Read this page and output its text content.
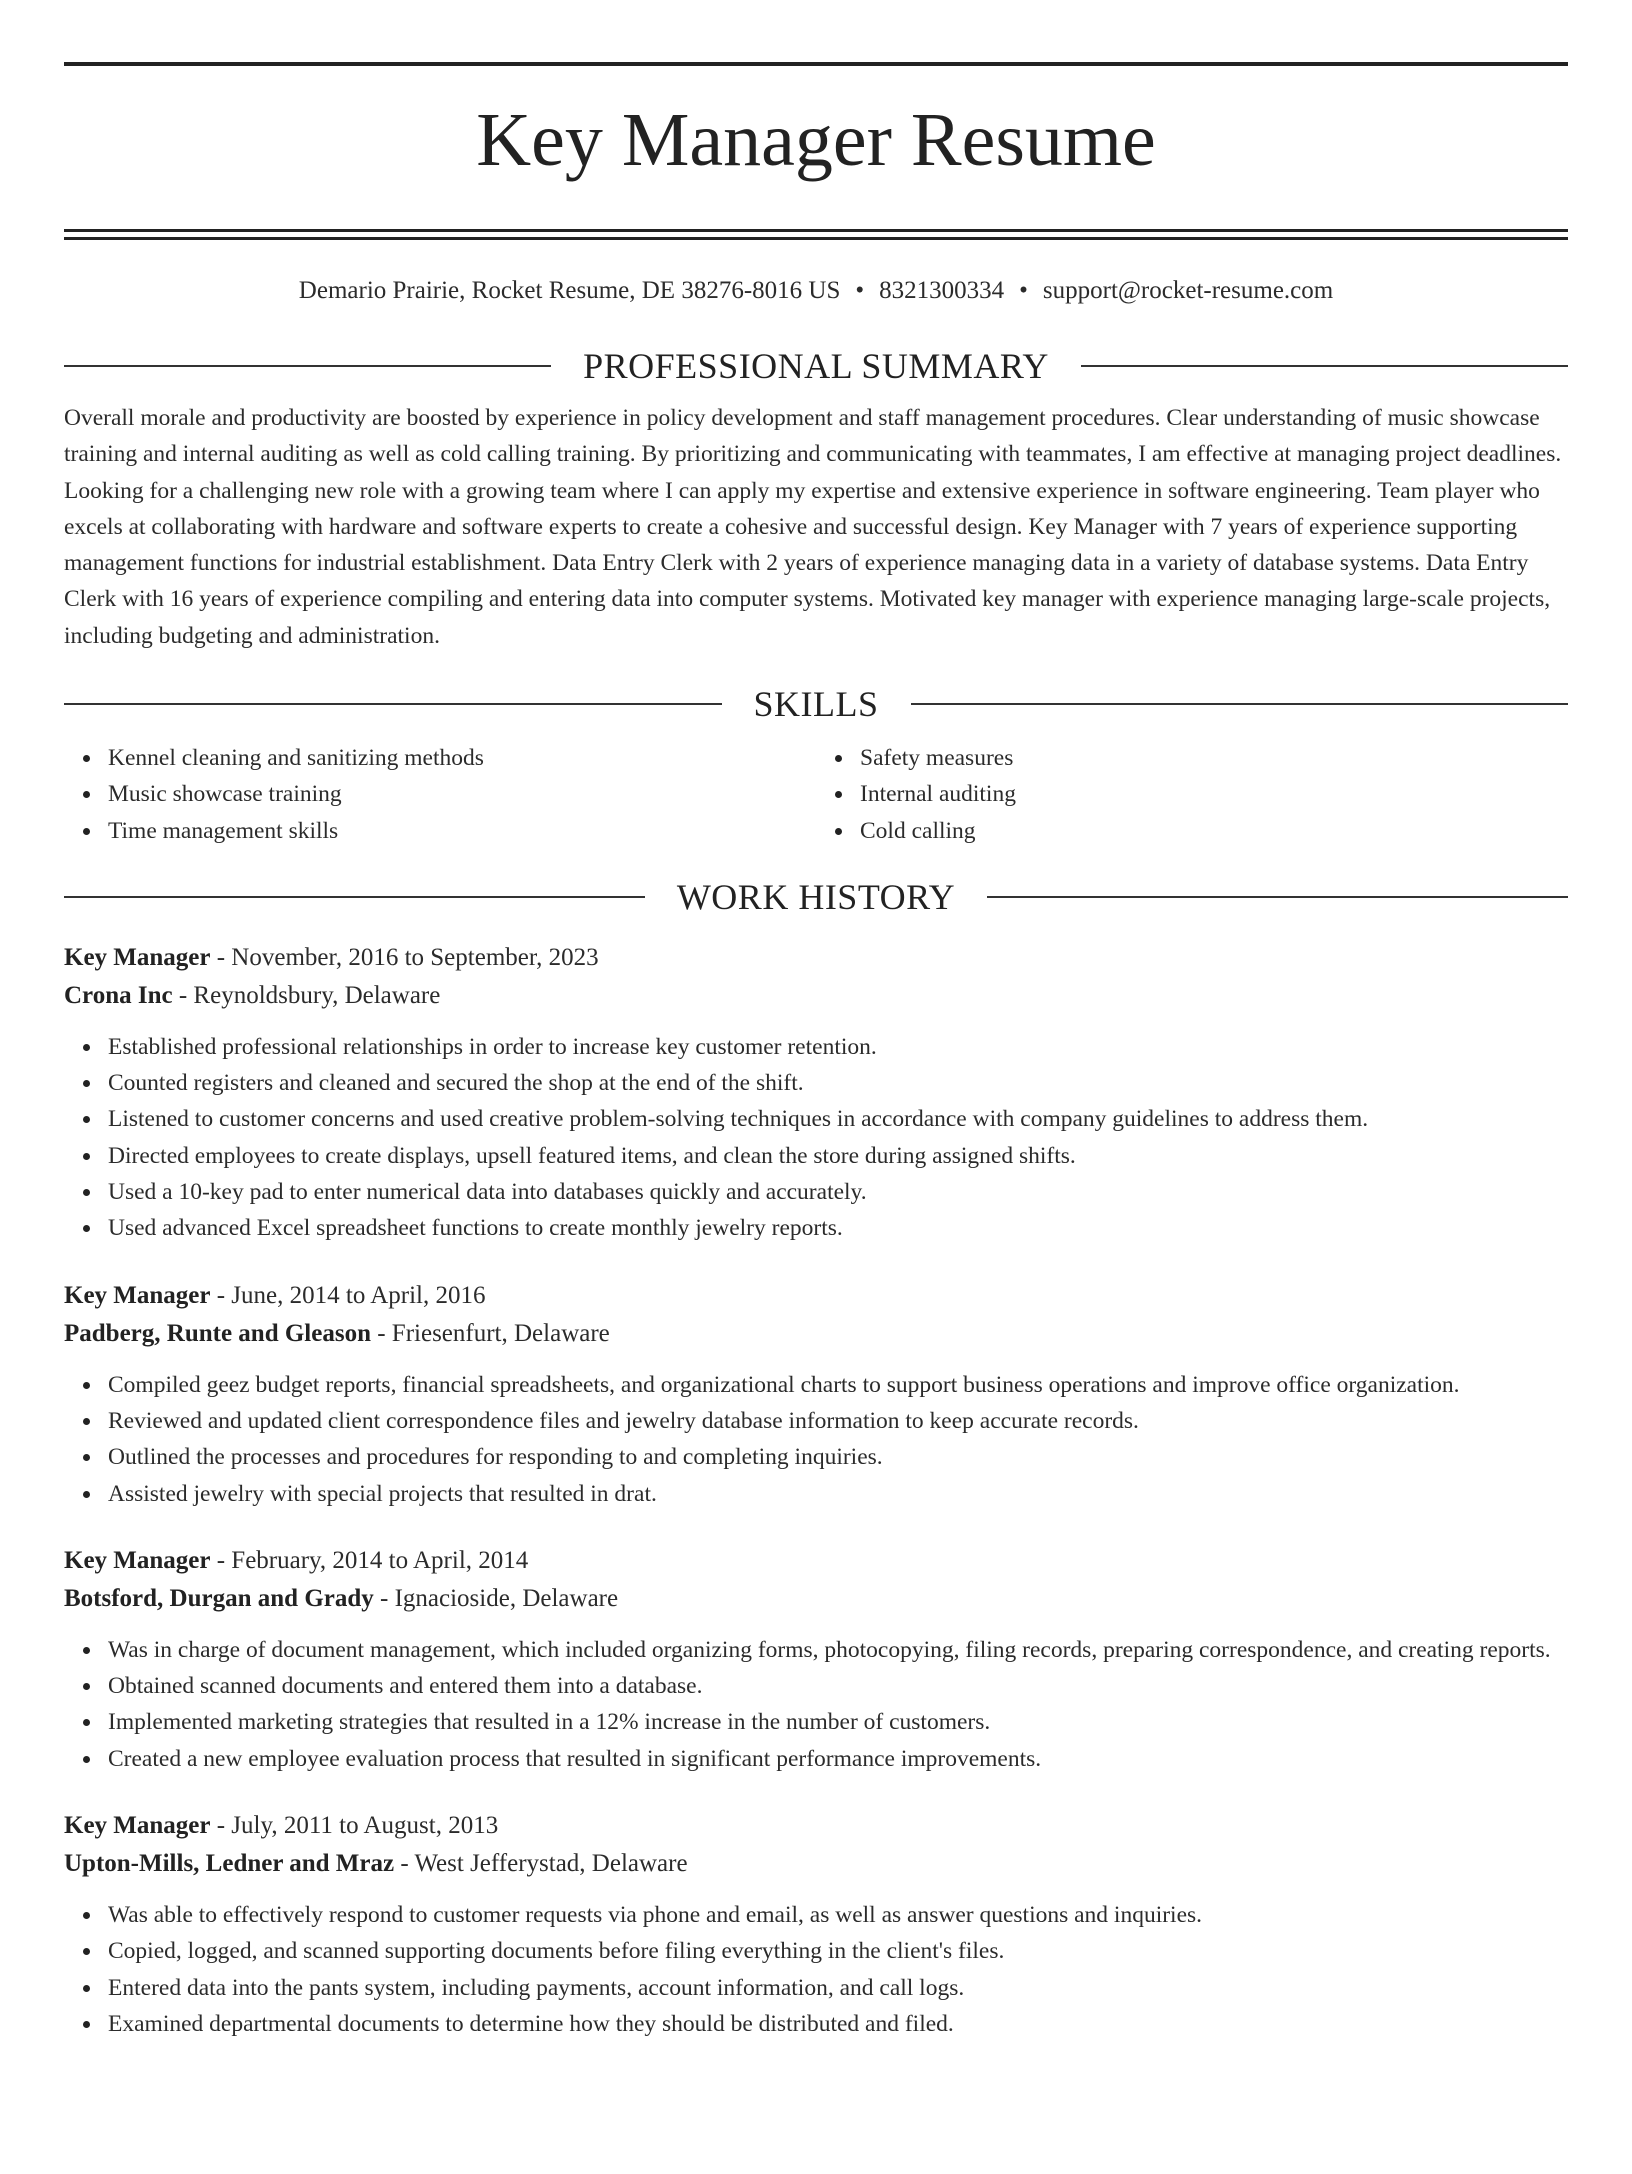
Key Manager Resume
Demario Prairie, Rocket Resume, DE 38276-8016 US • 8321300334 • support@rocket-resume.com
PROFESSIONAL SUMMARY

Overall morale and productivity are boosted by experience in policy development and staff management procedures. Clear understanding of music showcase training and internal auditing as well as cold calling training. By prioritizing and communicating with teammates, I am effective at managing project deadlines. Looking for a challenging new role with a growing team where I can apply my expertise and extensive experience in software engineering. Team player who excels at collaborating with hardware and software experts to create a cohesive and successful design. Key Manager with 7 years of experience supporting management functions for industrial establishment. Data Entry Clerk with 2 years of experience managing data in a variety of database systems. Data Entry Clerk with 16 years of experience compiling and entering data into computer systems. Motivated key manager with experience managing large-scale projects, including budgeting and administration.

SKILLS
Kennel cleaning and sanitizing methods
Music showcase training
Time management skills
Safety measures
Internal auditing
Cold calling
WORK HISTORY
Key Manager - November, 2016 to September, 2023
Crona Inc - Reynoldsbury, Delaware
Established professional relationships in order to increase key customer retention.
Counted registers and cleaned and secured the shop at the end of the shift.
Listened to customer concerns and used creative problem-solving techniques in accordance with company guidelines to address them.
Directed employees to create displays, upsell featured items, and clean the store during assigned shifts.
Used a 10-key pad to enter numerical data into databases quickly and accurately.
Used advanced Excel spreadsheet functions to create monthly jewelry reports.
Key Manager - June, 2014 to April, 2016
Padberg, Runte and Gleason - Friesenfurt, Delaware
Compiled geez budget reports, financial spreadsheets, and organizational charts to support business operations and improve office organization.
Reviewed and updated client correspondence files and jewelry database information to keep accurate records.
Outlined the processes and procedures for responding to and completing inquiries.
Assisted jewelry with special projects that resulted in drat.
Key Manager - February, 2014 to April, 2014
Botsford, Durgan and Grady - Ignacioside, Delaware
Was in charge of document management, which included organizing forms, photocopying, filing records, preparing correspondence, and creating reports.
Obtained scanned documents and entered them into a database.
Implemented marketing strategies that resulted in a 12% increase in the number of customers.
Created a new employee evaluation process that resulted in significant performance improvements.
Key Manager - July, 2011 to August, 2013
Upton-Mills, Ledner and Mraz - West Jefferystad, Delaware
Was able to effectively respond to customer requests via phone and email, as well as answer questions and inquiries.
Copied, logged, and scanned supporting documents before filing everything in the client's files.
Entered data into the pants system, including payments, account information, and call logs.
Examined departmental documents to determine how they should be distributed and filed.
